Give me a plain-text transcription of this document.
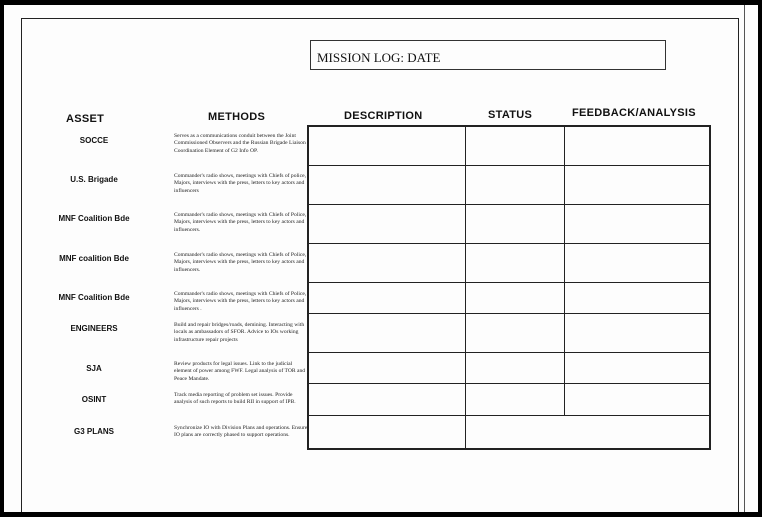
MISSION LOG: DATE
ASSET	METHODS	DESCRIPTION	STATUS	FEEDBACK/ANALYSIS
SOCCE	Serves as a communications conduit between the Joint Commissioned Observers and the Russian Brigade Liaison Coordination Element of G2 Info OP.
U.S. Brigade	Commander's radio shows, meetings with Chiefs of police, Majors, interviews with the press, letters to key actors and influencers
MNF Coalition Bde	Commander's radio shows, meetings with Chiefs of Police, Majors, interviews with the press, letters to key actors and influencers.
MNF coalition Bde	Commander's radio shows, meetings with Chiefs of Police, Majors, interviews with the press, letters to key actors and influencers.
MNF Coalition Bde	Commander's radio shows, meetings with Chiefs of Police, Majors, interviews with the press, letters to key actors and influencers .
ENGINEERS	Build and repair bridges/roads, demining. Interacting with locals as ambassadors of SFOR. Advice to IOs working infrastructure repair projects
SJA	Review products for legal issues. Link to the judicial element of power among FWF. Legal analysis of TOR and Peace Mandate.
OSINT	Track media reporting of problem set issues. Provide analysis of such reports to build RII in support of IPB.
G3 PLANS	Synchronize IO with Division Plans and operations. Ensure IO plans are correctly phased to support operations.
